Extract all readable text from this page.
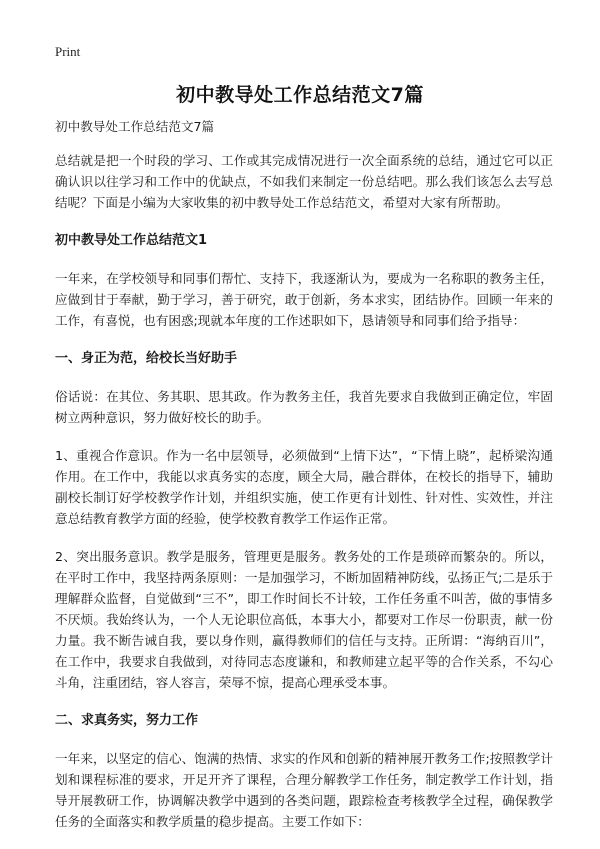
Print
初中教导处工作总结范文7篇

初中教导处工作总结范文7篇

总结就是把一个时段的学习、工作或其完成情况进行一次全面系统的总结，通过它可以正确认识以往学习和工作中的优缺点，不如我们来制定一份总结吧。那么我们该怎么去写总结呢？下面是小编为大家收集的初中教导处工作总结范文，希望对大家有所帮助。

初中教导处工作总结范文1

一年来，在学校领导和同事们帮忙、支持下，我逐渐认为，要成为一名称职的教务主任，应做到甘于奉献，勤于学习，善于研究，敢于创新，务本求实，团结协作。回顾一年来的工作，有喜悦，也有困惑;现就本年度的工作述职如下，恳请领导和同事们给予指导：

一、身正为范，给校长当好助手

俗话说：在其位、务其职、思其政。作为教务主任，我首先要求自我做到正确定位，牢固树立两种意识，努力做好校长的助手。

1、重视合作意识。作为一名中层领导，必须做到“上情下达”，“下情上晓”，起桥梁沟通作用。在工作中，我能以求真务实的态度，顾全大局，融合群体，在校长的指导下，辅助副校长制订好学校教学作计划，并组织实施，使工作更有计划性、针对性、实效性，并注意总结教育教学方面的经验，使学校教育教学工作运作正常。

2、突出服务意识。教学是服务，管理更是服务。教务处的工作是琐碎而繁杂的。所以，在平时工作中，我坚持两条原则：一是加强学习，不断加固精神防线，弘扬正气;二是乐于理解群众监督，自觉做到“三不”，即工作时间长不计较，工作任务重不叫苦，做的事情多不厌烦。我始终认为，一个人无论职位高低，本事大小，都要对工作尽一份职责，献一份力量。我不断告诫自我，要以身作则，赢得教师们的信任与支持。正所谓：“海纳百川”，在工作中，我要求自我做到，对待同志态度谦和，和教师建立起平等的合作关系，不勾心斗角，注重团结，容人容言，荣辱不惊，提高心理承受本事。

二、求真务实，努力工作

一年来，以坚定的信心、饱满的热情、求实的作风和创新的精神展开教务工作;按照教学计划和课程标准的要求，开足开齐了课程，合理分解教学工作任务，制定教学工作计划，指导开展教研工作，协调解决教学中遇到的各类问题，跟踪检查考核教学全过程，确保教学任务的全面落实和教学质量的稳步提高。主要工作如下：
